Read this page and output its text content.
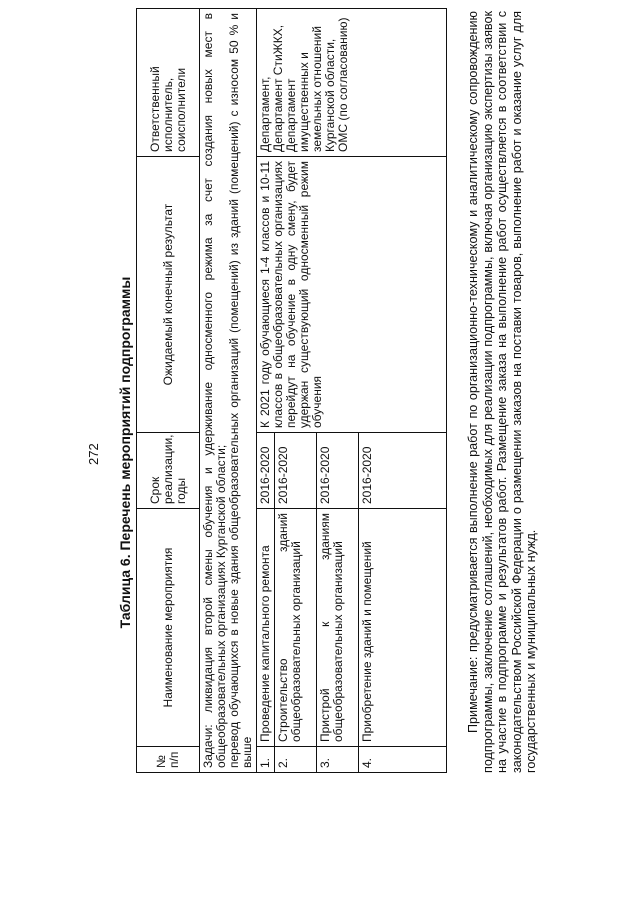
272 Таблица 6. Перечень мероприятий подпрограммы
№ п/п	Наименование мероприятия	Срок реализации, годы	Ожидаемый конечный результат	Ответственный исполнитель, соисполнители

Задачи: ликвидация второй смены обучения и удерживание односменного режима за счет создания новых мест в общеобразовательных организациях Курганской области; перевод обучающихся в новые здания общеобразовательных организаций (помещений) из зданий (помещений) с износом 50 % и выше				

1.	Проведение капитального ремонта	2016-2020	К 2021 году обучающиеся 1-4 классов и 10-11 классов в общеобразовательных организациях перейдут на обучение в одну смену, будет удержан существующий односменный режим обучения	Департамент, Департамент СтиЖКХ, Департамент имущественных и земельных отношений Курганской области, ОМС (по согласованию)
2.	Строительство зданий общеобразовательных организаций	2016-2020		
3.	Пристрой к зданиям общеобразовательных организаций	2016-2020		
4.	Приобретение зданий и помещений	2016-2020			Примечание: предусматривается выполнение работ по организационно-техническому и аналитическому сопровождению подпрограммы, заключение соглашений, необходимых для реализации подпрограммы, включая организацию экспертизы заявок на участие в подпрограмме и результатов работ. Размещение заказа на выполнение работ осуществляется в соответствии с законодательством Российской Федерации о размещении заказов на поставки товаров, выполнение работ и оказание услуг для государственных и муниципальных нужд.
